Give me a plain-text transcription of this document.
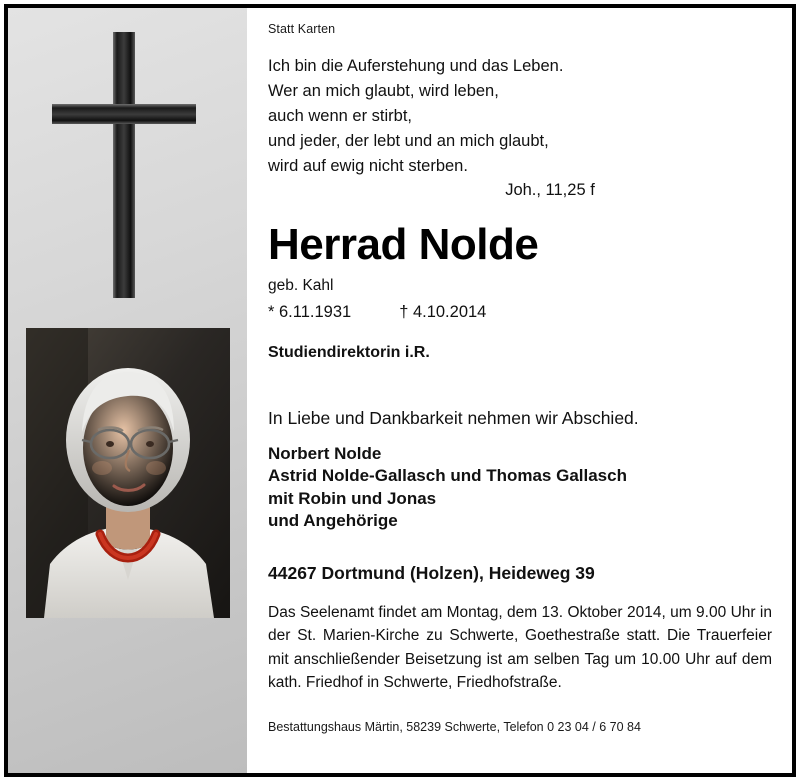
Statt Karten

Ich bin die Auferstehung und das Leben.
Wer an mich glaubt, wird leben,
auch wenn er stirbt,
und jeder, der lebt und an mich glaubt,
wird auf ewig nicht sterben.

Joh., 11,25 f

Herrad Nolde

geb. Kahl

* 6.11.1931	† 4.10.2014

Studiendirektorin i.R.

In Liebe und Dankbarkeit nehmen wir Abschied.

Norbert Nolde
Astrid Nolde-Gallasch und Thomas Gallasch
mit Robin und Jonas
und Angehörige

44267 Dortmund (Holzen), Heideweg 39

Das Seelenamt findet am Montag, dem 13. Oktober 2014, um 9.00 Uhr in der St. Marien-Kirche zu Schwerte, Goethestraße statt. Die Trauerfeier mit anschließender Beisetzung ist am selben Tag um 10.00 Uhr auf dem kath. Friedhof in Schwerte, Friedhofstraße.

Bestattungshaus Märtin, 58239 Schwerte, Telefon 0 23 04 / 6 70 84
